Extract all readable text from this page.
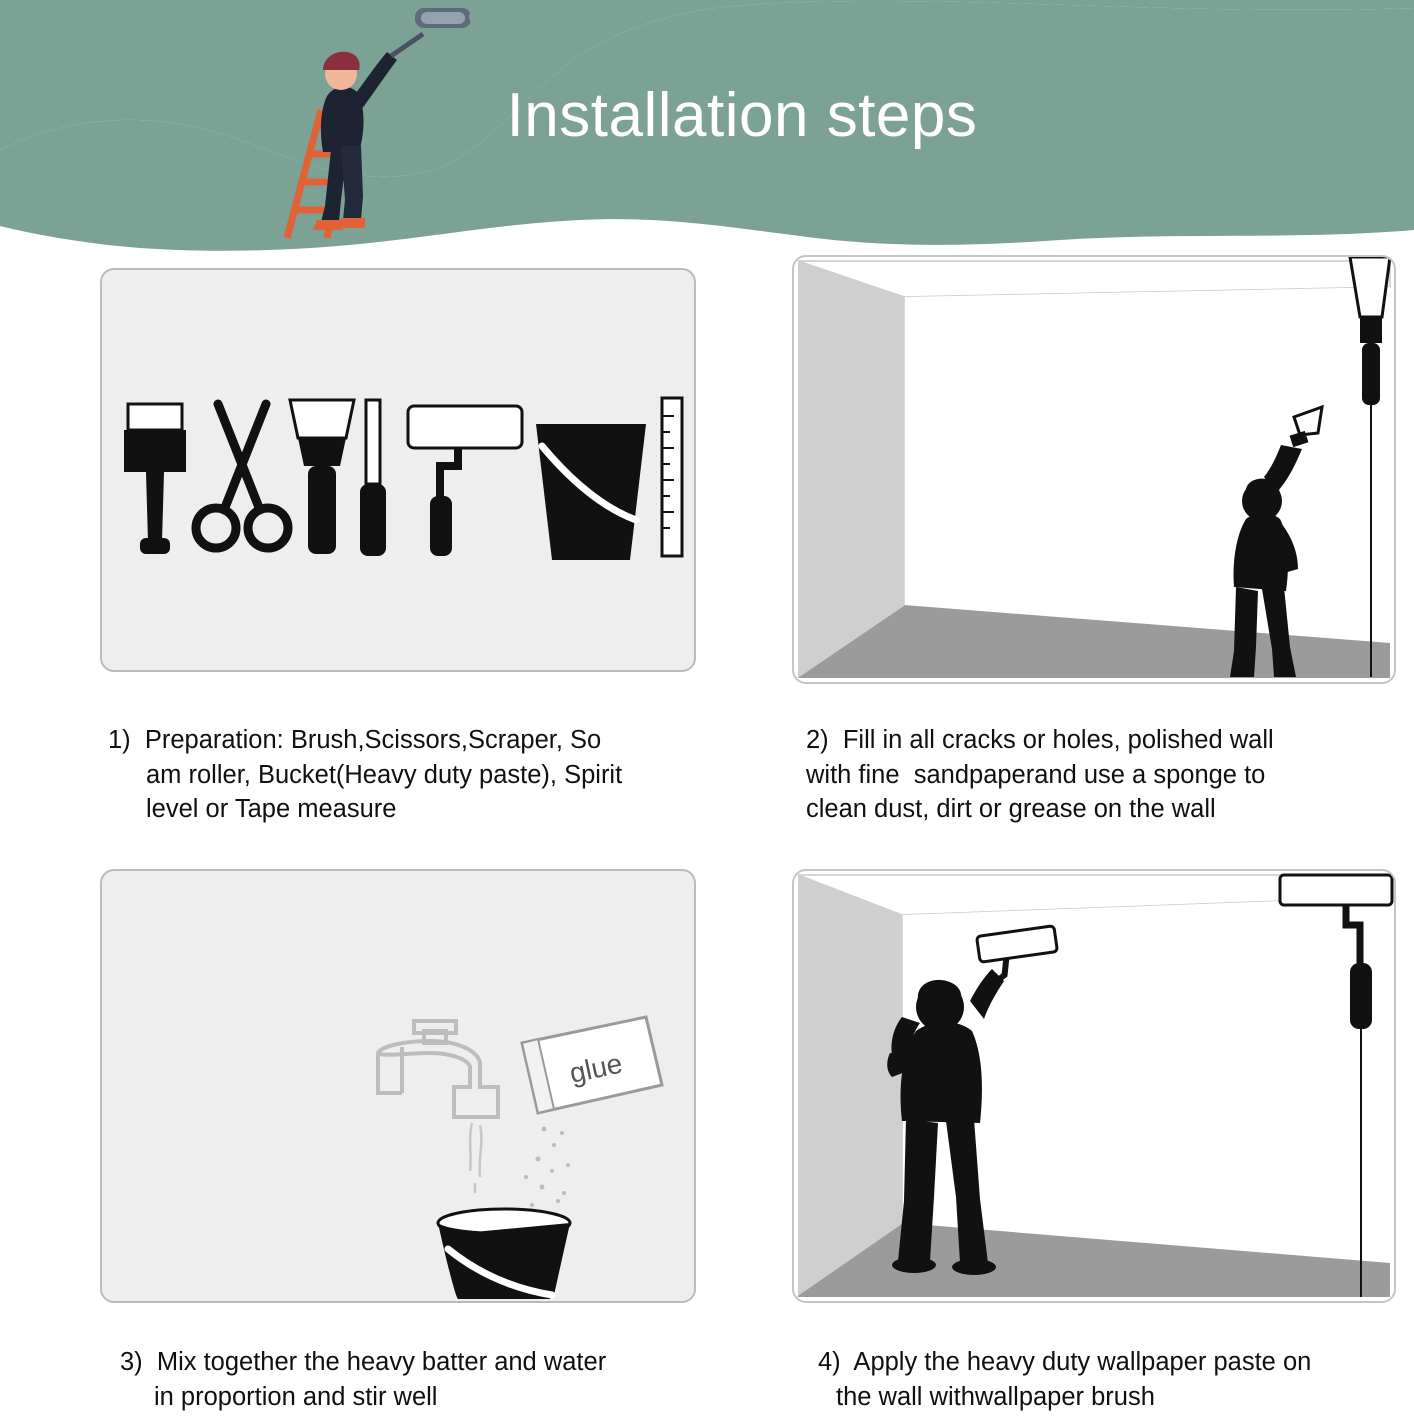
Installation steps
1)  Preparation: Brush,Scissors,Scraper, So
am roller, Bucket(Heavy duty paste), Spirit
level or Tape measure
2)  Fill in all cracks or holes, polished wall
with fine  sandpaperand use a sponge to
clean dust, dirt or grease on the wall
glue
3)  Mix together the heavy batter and water
in proportion and stir well
4)  Apply the heavy duty wallpaper paste on
the wall withwallpaper brush
